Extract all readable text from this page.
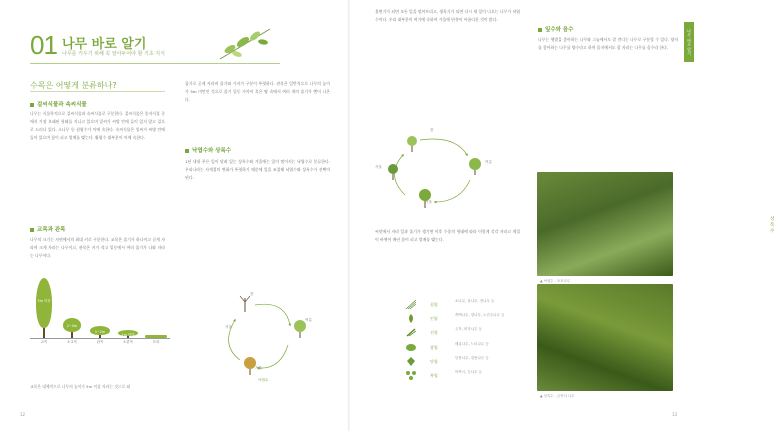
01 나무 바로 알기
나무를 키우기 위해 꼭 알아두어야 할 기초 지식
수목은 어떻게 분류하나?
겉씨식물과 속씨식물
나무는 식물학적으로 겉씨식물과 속씨식물로 구분한다. 겉씨식물은 종자식물 중에서 가장 오래된 형태를 지니고 있으며 밑씨가 씨방 안에 들어 있지 않고 겉으로 드러나 있다. 소나무 등 침엽수가 이에 속한다. 속씨식물은 밑씨가 씨방 안에 들어 있으며 꽃이 피고 열매를 맺는다. 활엽수 대부분이 이에 속한다.
교목과 관목
나무의 크기는 자연에서의 최대 키로 구분한다. 교목은 줄기가 하나이고 곧게 자라며 크게 자라는 나무이고, 관목은 키가 작고 밑동에서 여러 줄기가 나와 자라는 나무이다.
5m 이상
2~5m
1~2m
1m 이하
교목	소교목	관목	소관목	포복
교목은 대체적으로 나무의 높이가 5m 이상 자라는 것으로 외
줄기로 곧게 자라며 줄기와 가지가 구분이 뚜렷하다. 관목은 일반적으로 나무의 높이가 5m 미만인 것으로 줄기 밑동 가까이 혹은 땅 속에서 여러 개의 줄기가 뻗어 나온다.
낙엽수와 상록수
1년 내내 푸른 잎이 달려 있는 상록수와 겨울에는 잎이 떨어지는 낙엽수로 분류한다. 우리나라는 사계절의 변화가 뚜렷하기 때문에 잎을 조절해 낙엽수와 상록수가 선택이 된다.
봄
여름
겨울
가을
낙엽수
12
휴면기가 되면 모든 잎을 떨어뜨리고, 생육기가 되면 다시 새 잎이 나오는 나무가 낙엽수이다. 우리 대부분이 여기에 속하며 가을에 단풍이 아름다운 것이 많다.
봄
여름
가을
겨울
상록수
씨앗에서 자라 잎과 줄기가 생기면 이후 수종의 형태에 따라 이렇게 각각 자라고 계절이 바뀌어 매년 꽃이 피고 열매를 맺는다.
침엽
소나무, 잣나무, 전나무 등
인엽
측백나무, 향나무, 노간주나무 등
선형
주목, 비자나무 등
광엽
배롱나무, 느티나무 등
단엽
단풍나무, 쥐똥나무 등
복엽
아까시, 등나무 등
잎수와 음수
나무는 햇볕을 좋아하는 나무와 그늘에서도 잘 견디는 나무로 구분할 수 있다. 양지를 좋아하는 나무를 양수라고 하며 음지에서도 잘 자라는 나무를 음수라 한다.
▲ 낙엽수 - 포포나무
▲ 상록수 - 금목서 나무
나무 바로 알기
13
